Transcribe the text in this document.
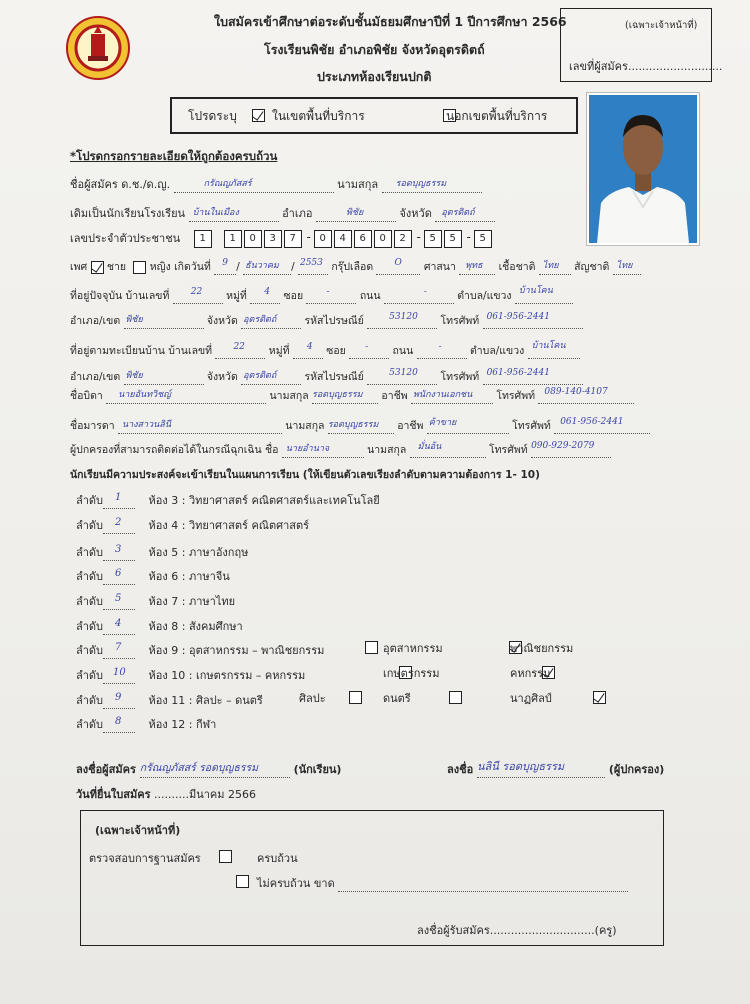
ใบสมัครเข้าศึกษาต่อระดับชั้นมัธยมศึกษาปีที่ 1 ปีการศึกษา 2566
โรงเรียนพิชัย อำเภอพิชัย จังหวัดอุตรดิตถ์
ประเภทห้องเรียนปกติ
(เฉพาะเจ้าหน้าที่)
เลขที่ผู้สมัคร...........................
โปรดระบุ
	ในเขตพื้นที่บริการ	นอกเขตพื้นที่บริการ
*โปรดกรอกรายละเอียดให้ถูกต้องครบถ้วน
ชื่อผู้สมัคร ด.ช./ด.ญ.	กรัณญภัสสร์	นามสกุล รอดบุญธรรม
เดิมเป็นนักเรียนโรงเรียน บ้านในเมือง	อำเภอ	พิชัย	จังหวัด อุตรดิตถ์
เลขประจำตัวประชาชน 1 1 0 3 7 - 0 4 6 0 2 - 5 5 - 5
เพศ ชาย หญิง เกิดวันที่ 9 / ธันวาคม / 2553 กรุ๊ปเลือด O ศาสนา พุทธ เชื้อชาติ ไทย สัญชาติ ไทย
ที่อยู่ปัจจุบัน บ้านเลขที่ 22 หมู่ที่ 4 ซอย	-	ถนน	-	ตำบล/แขวง บ้านโคน
อำเภอ/เขต พิชัย	จังหวัด อุตรดิตถ์	รหัสไปรษณีย์	53120 โทรศัพท์ 061-956-2441
ที่อยู่ตามทะเบียนบ้าน บ้านเลขที่ 22 หมู่ที่ 4 ซอย - ถนน	-	ตำบล/แขวง บ้านโคน
อำเภอ/เขต พิชัย	จังหวัด อุตรดิตถ์	รหัสไปรษณีย์	53120 โทรศัพท์ 061-956-2441
ชื่อบิดา นายอันทวิชญ์	นามสกุล รอดบุญธรรม อาชีพ พนักงานเอกชน โทรศัพท์ 089-140-4107
ชื่อมารดา นางสาวนลินี	นามสกุล รอดบุญธรรม อาชีพ ค้าขาย	โทรศัพท์ 061-956-2441
ผู้ปกครองที่สามารถติดต่อได้ในกรณีฉุกเฉิน ชื่อ นายอำนาจ	นามสกุล มั่นอ้น	โทรศัพท์ 090-929-2079
นักเรียนมีความประสงค์จะเข้าเรียนในแผนการเรียน (ให้เขียนตัวเลขเรียงลำดับตามความต้องการ 1- 10)
ลำดับ 1 ห้อง 3 : วิทยาศาสตร์ คณิตศาสตร์และเทคโนโลยี
ลำดับ 2 ห้อง 4 : วิทยาศาสตร์ คณิตศาสตร์
ลำดับ 3 ห้อง 5 : ภาษาอังกฤษ
ลำดับ 6 ห้อง 6 : ภาษาจีน
ลำดับ 5 ห้อง 7 : ภาษาไทย
ลำดับ 4 ห้อง 8 : สังคมศึกษา
ลำดับ 7 ห้อง 9 : อุตสาหกรรม – พาณิชยกรรม
ลำดับ 10 ห้อง 10 : เกษตรกรรม – คหกรรม
ลำดับ 9 ห้อง 11 : ศิลปะ – ดนตรี
ลำดับ 8 ห้อง 12 : กีฬา

อุตสาหกรรม
	พาณิชยกรรม

เกษตรกรรม
	คหกรรม

ศิลปะ
	ดนตรี	นาฏศิลป์
ลงชื่อผู้สมัคร กรัณญภัสสร์ รอดบุญธรรม	(นักเรียน)	ลงชื่อ นลินี รอดบุญธรรม	(ผู้ปกครอง)
วันที่ยื่นใบสมัคร ..........มีนาคม 2566
(เฉพาะเจ้าหน้าที่)
ตรวจสอบการฐานสมัคร
	ครบถ้วน
ไม่ครบถ้วน ขาด
ลงชื่อผู้รับสมัคร..............................(ครู)
